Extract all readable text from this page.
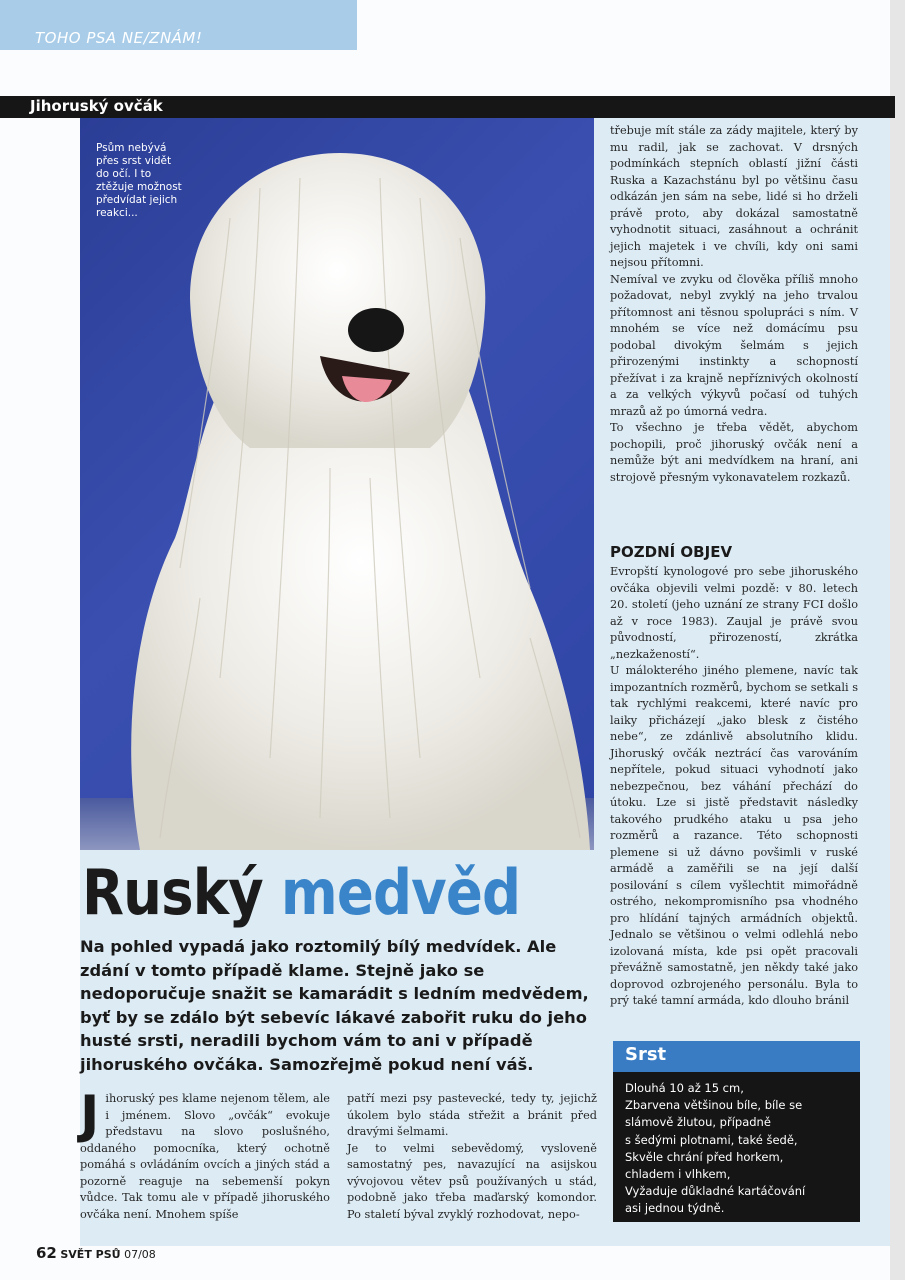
TOHO PSA NE/ZNÁM!
Jihoruský ovčák
Psům nebývá
přes srst vidět
do očí. I to
ztěžuje možnost
předvídat jejich
reakci...

třebuje mít stále za zády majitele, který by mu radil, jak se zachovat. V drsných podmínkách stepních oblastí jižní části Ruska a Kazachstánu byl po většinu času odkázán jen sám na sebe, lidé si ho drželi právě proto, aby dokázal samostatně vyhodnotit situaci, zasáhnout a ochránit jejich majetek i ve chvíli, kdy oni sami nejsou přítomni.

Nemíval ve zvyku od člověka příliš mnoho požadovat, nebyl zvyklý na jeho trvalou přítomnost ani těsnou spolupráci s ním. V mnohém se více než domácímu psu podobal divokým šelmám s jejich přirozenými instinkty a schopností přežívat i za krajně nepříznivých okolností a za velkých výkyvů počasí od tuhých mrazů až po úmorná vedra.

To všechno je třeba vědět, abychom pochopili, proč jihoruský ovčák není a nemůže být ani medvídkem na hraní, ani strojově přesným vykonavatelem rozkazů.

POZDNÍ OBJEV

Evropští kynologové pro sebe jihoruského ovčáka objevili velmi pozdě: v 80. letech 20. století (jeho uznání ze strany FCI došlo až v roce 1983). Zaujal je právě svou původností, přirozeností, zkrátka „nezkažeností“.

U málokterého jiného plemene, navíc tak impozantních rozměrů, bychom se setkali s tak rychlými reakcemi, které navíc pro laiky přicházejí „jako blesk z čistého nebe“, ze zdánlivě absolutního klidu. Jihoruský ovčák neztrácí čas varováním nepřítele, pokud situaci vyhodnotí jako nebezpečnou, bez váhání přechází do útoku. Lze si jistě představit následky takového prudkého ataku u psa jeho rozměrů a razance. Této schopnosti plemene si už dávno povšimli v ruské armádě a zaměřili se na její další posilování s cílem vyšlechtit mimořádně ostrého, nekompromisního psa vhodného pro hlídání tajných armádních objektů. Jednalo se většinou o velmi odlehlá nebo izolovaná místa, kde psi opět pracovali převážně samostatně, jen někdy také jako doprovod ozbrojeného personálu. Byla to prý také tamní armáda, kdo dlouho bránil

Ruský medvěd
Na pohled vypadá jako roztomilý bílý medvídek. Ale zdání v tomto případě klame. Stejně jako se nedoporučuje snažit se kamarádit s ledním medvědem, byť by se zdálo být sebevíc lákavé zabořit ruku do jeho husté srsti, neradili bychom vám to ani v případě jihoruského ovčáka. Samozřejmě pokud není váš.
J ihoruský pes klame nejenom tělem, ale i jménem. Slovo „ovčák“ evokuje představu na slovo poslušného, oddaného pomocníka, který ochotně pomáhá s ovládáním ovcích a jiných stád a pozorně reaguje na sebemenší pokyn vůdce. Tak tomu ale v případě jihoruského ovčáka není. Mnohem spíše

patří mezi psy pastevecké, tedy ty, jejichž úkolem bylo stáda střežit a bránit před dravými šelmami.

Je to velmi sebevědomý, vysloveně samostatný pes, navazující na asijskou vývojovou větev psů používaných u stád, podobně jako třeba maďarský komondor. Po staletí býval zvyklý rozhodovat, nepo-

Srst
Dlouhá 10 až 15 cm,
Zbarvena většinou bíle, bíle se
slámově žlutou, případně
s šedými plotnami, také šedě,
Skvěle chrání před horkem,
chladem i vlhkem,
Vyžaduje důkladné kartáčování
asi jednou týdně.
62 SVĚT PSŮ 07/08
